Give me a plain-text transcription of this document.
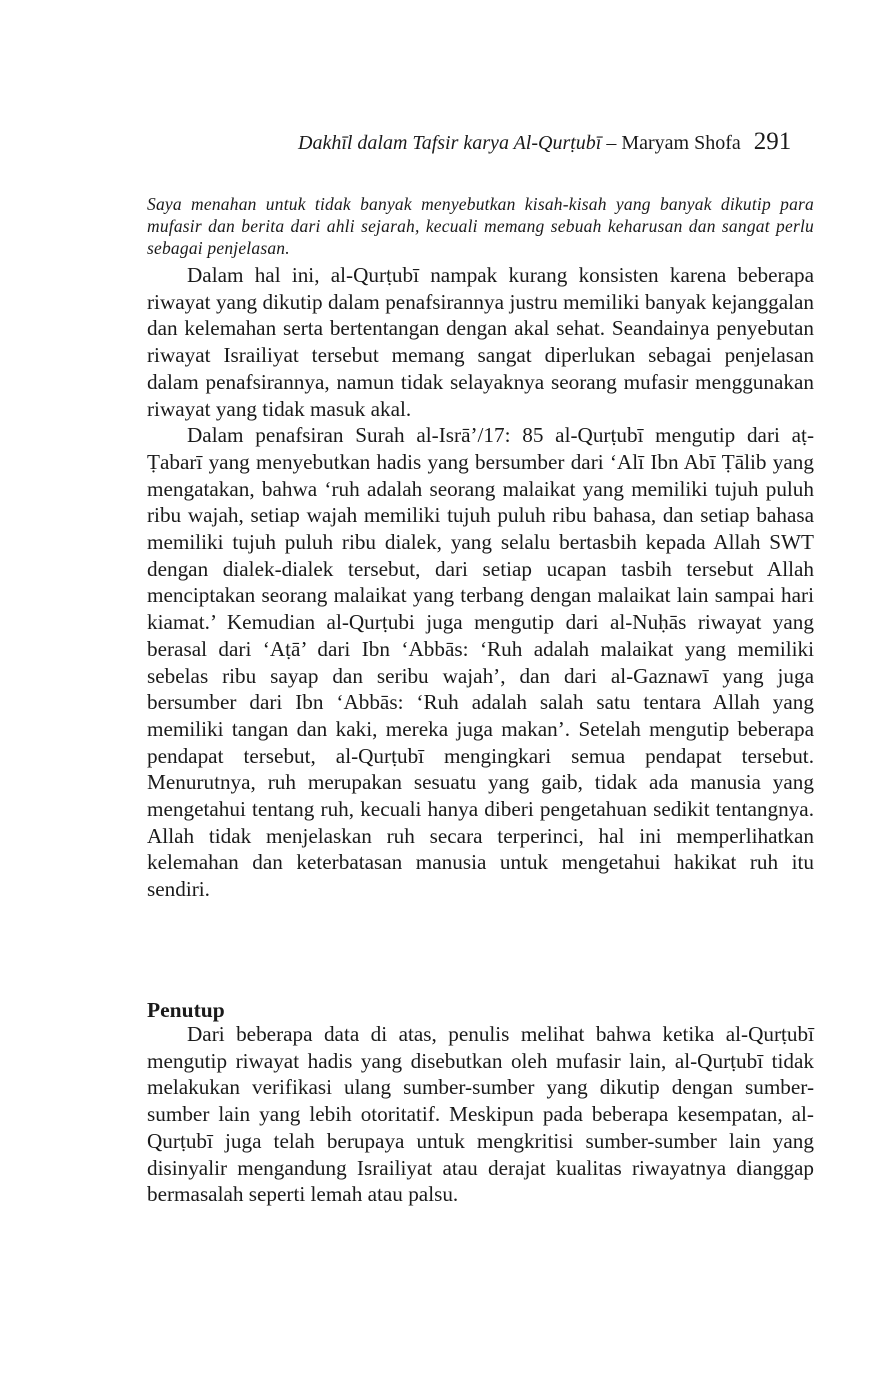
Dakhīl dalam Tafsir karya Al-Qurṭubī – Maryam Shofa 291
Saya menahan untuk tidak banyak menyebutkan kisah-kisah yang banyak dikutip para mufasir dan berita dari ahli sejarah, kecuali memang sebuah keharusan dan sangat perlu sebagai penjelasan.

Dalam hal ini, al-Qurṭubī nampak kurang konsisten karena beberapa riwayat yang dikutip dalam penafsirannya justru memiliki banyak kejanggalan dan kelemahan serta bertentangan dengan akal sehat. Seandainya penyebutan riwayat Israiliyat tersebut memang sangat diperlukan sebagai penjelasan dalam penafsirannya, namun tidak selayaknya seorang mufasir menggunakan riwayat yang tidak masuk akal.

Dalam penafsiran Surah al-Isrā’/17: 85 al-Qurṭubī mengutip dari aṭ-Ṭabarī yang menyebutkan hadis yang bersumber dari ‘Alī Ibn Abī Ṭālib yang mengatakan, bahwa ‘ruh adalah seorang malaikat yang memiliki tujuh puluh ribu wajah, setiap wajah memiliki tujuh puluh ribu bahasa, dan setiap bahasa memiliki tujuh puluh ribu dialek, yang selalu bertasbih kepada Allah SWT dengan dialek-dialek tersebut, dari setiap ucapan tasbih tersebut Allah menciptakan seorang malaikat yang terbang dengan malaikat lain sampai hari kiamat.’ Kemudian al-Qurṭubi juga mengutip dari al-Nuḥās riwayat yang berasal dari ‘Aṭā’ dari Ibn ‘Abbās: ‘Ruh adalah malaikat yang memiliki sebelas ribu sayap dan seribu wajah’, dan dari al-Gaznawī yang juga bersumber dari Ibn ‘Abbās: ‘Ruh adalah salah satu tentara Allah yang memiliki tangan dan kaki, mereka juga makan’. Setelah mengutip beberapa pendapat tersebut, al-Qurṭubī mengingkari semua pendapat tersebut. Menurutnya, ruh merupakan sesuatu yang gaib, tidak ada manusia yang mengetahui tentang ruh, kecuali hanya diberi pengetahuan sedikit tentangnya. Allah tidak menjelaskan ruh secara terperinci, hal ini memperlihatkan kelemahan dan keterbatasan manusia untuk mengetahui hakikat ruh itu sendiri.

Penutup

Dari beberapa data di atas, penulis melihat bahwa ketika al-Qurṭubī mengutip riwayat hadis yang disebutkan oleh mufasir lain, al-Qurṭubī tidak melakukan verifikasi ulang sumber-sumber yang dikutip dengan sumber-sumber lain yang lebih otoritatif. Meskipun pada beberapa kesempatan, al-Qurṭubī juga telah berupaya untuk mengkritisi sumber-sumber lain yang disinyalir mengandung Israiliyat atau derajat kualitas riwayatnya dianggap bermasalah seperti lemah atau palsu.
